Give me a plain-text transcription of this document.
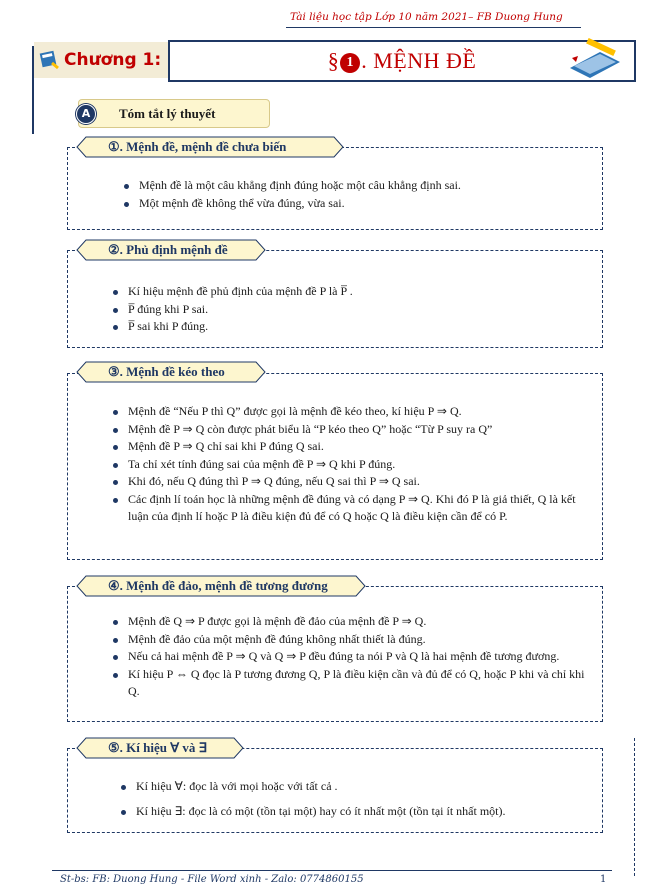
Tài liệu học tập Lớp 10 năm 2021– FB Duong Hung
Chương 1:	§ 1 . MỆNH ĐỀ
Tóm tắt lý thuyết
A
①. Mệnh đề, mệnh đề chưa biến
Mệnh đề là một câu khẳng định đúng hoặc một câu khẳng định sai.
Một mệnh đề không thể vừa đúng, vừa sai.
②. Phủ định mệnh đề
Kí hiệu mệnh đề phủ định của mệnh đề P là P̅ .
P̅ đúng khi P sai.
P̅ sai khi P đúng.
③. Mệnh đề kéo theo
Mệnh đề “Nếu P thì Q” được gọi là mệnh đề kéo theo, kí hiệu P ⇒ Q.
Mệnh đề P ⇒ Q còn được phát biểu là “P kéo theo Q” hoặc “Từ P suy ra Q”
Mệnh đề P ⇒ Q chỉ sai khi P đúng Q sai.
Ta chỉ xét tính đúng sai của mệnh đề P ⇒ Q khi P đúng.
Khi đó, nếu Q đúng thì P ⇒ Q đúng, nếu Q sai thì P ⇒ Q sai.
Các định lí toán học là những mệnh đề đúng và có dạng P ⇒ Q. Khi đó P là giả thiết, Q là kết luận của định lí hoặc P là điều kiện đủ để có Q hoặc Q là điều kiện cần để có P.
④. Mệnh đề đảo, mệnh đề tương đương
Mệnh đề Q ⇒ P được gọi là mệnh đề đảo của mệnh đề P ⇒ Q.
Mệnh đề đảo của một mệnh đề đúng không nhất thiết là đúng.
Nếu cả hai mệnh đề P ⇒ Q và Q ⇒ P đều đúng ta nói P và Q là hai mệnh đề tương đương.
Kí hiệu P ⇔ Q đọc là P tương đương Q, P là điều kiện cần và đủ để có Q, hoặc P khi và chỉ khi Q.
⑤. Kí hiệu ∀ và ∃
Kí hiệu ∀: đọc là với mọi hoặc với tất cả .
Kí hiệu ∃: đọc là có một (tồn tại một) hay có ít nhất một (tồn tại ít nhất một).
St-bs: FB: Duong Hung - File Word xinh - Zalo: 0774860155	1
